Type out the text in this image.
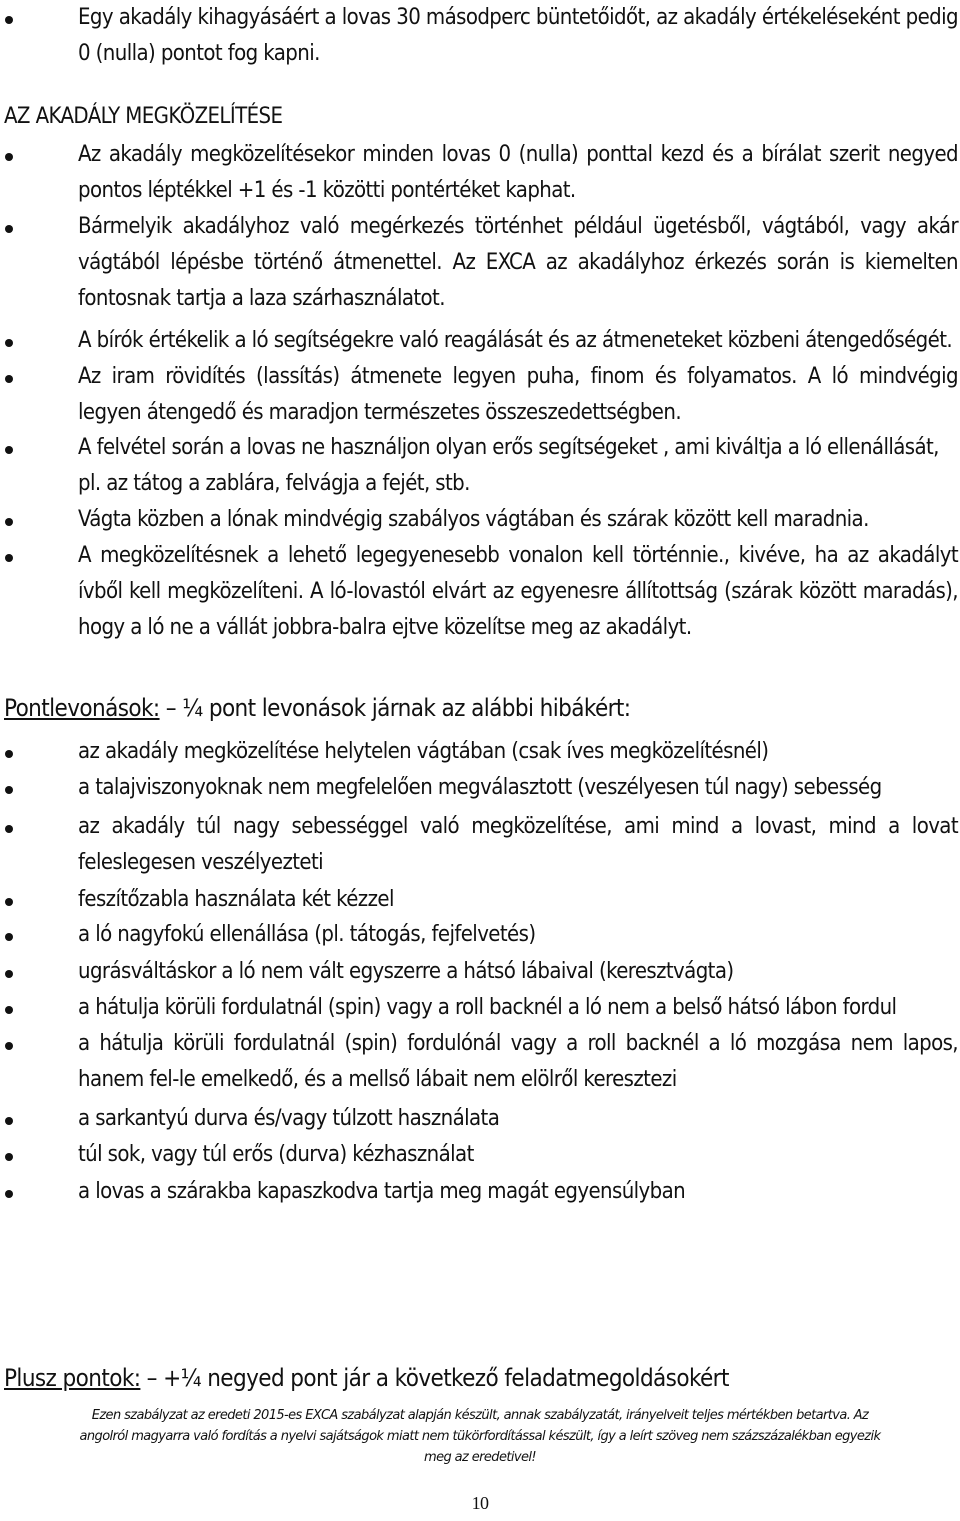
Egy akadály kihagyásáért a lovas 30 másodperc büntetőidőt, az akadály értékeléseként pedig 0 (nulla) pontot fog kapni.
AZ AKADÁLY MEGKÖZELÍTÉSE
Az akadály megközelítésekor minden lovas 0 (nulla) ponttal kezd és a bírálat szerit negyed pontos léptékkel +1 és -1 közötti pontértéket kaphat.
Bármelyik akadályhoz való megérkezés történhet például ügetésből, vágtából, vagy akár vágtából lépésbe történő átmenettel. Az EXCA az akadályhoz érkezés során is kiemelten fontosnak tartja a laza szárhasználatot.
A bírók értékelik a ló segítségekre való reagálását és az átmeneteket közbeni átengedőségét.
Az iram rövidítés (lassítás) átmenete legyen puha, finom és folyamatos. A ló mindvégig legyen átengedő és maradjon természetes összeszedettségben.
A felvétel során a lovas ne használjon olyan erős segítségeket , ami kiváltja a ló ellenállását, pl. az tátog a zablára, felvágja a fejét, stb.
Vágta közben a lónak mindvégig szabályos vágtában és szárak között kell maradnia.
A megközelítésnek a lehető legegyenesebb vonalon kell történnie., kivéve, ha az akadályt ívből kell megközelíteni. A ló-lovastól elvárt az egyenesre állítottság (szárak között maradás), hogy a ló ne a vállát jobbra-balra ejtve közelítse meg az akadályt.
Pontlevonások: – ¼ pont levonások járnak az alábbi hibákért:
az akadály megközelítése helytelen vágtában (csak íves megközelítésnél)
a talajviszonyoknak nem megfelelően megválasztott (veszélyesen túl nagy) sebesség
az akadály túl nagy sebességgel való megközelítése, ami mind a lovast, mind a lovat feleslegesen veszélyezteti
feszítőzabla használata két kézzel
a ló nagyfokú ellenállása (pl. tátogás, fejfelvetés)
ugrásváltáskor a ló nem vált egyszerre a hátsó lábaival (keresztvágta)
a hátulja körüli fordulatnál (spin) vagy a roll backnél a ló nem a belső hátsó lábon fordul
a hátulja körüli fordulatnál (spin) fordulónál vagy a roll backnél a ló mozgása nem lapos, hanem fel-le emelkedő, és a mellső lábait nem elölről keresztezi
a sarkantyú durva és/vagy túlzott használata
túl sok, vagy túl erős (durva) kézhasználat
a lovas a szárakba kapaszkodva tartja meg magát egyensúlyban
Plusz pontok: – +¼ negyed pont jár a következő feladatmegoldásokért
Ezen szabályzat az eredeti 2015-es EXCA szabályzat alapján készült, annak szabályzatát, irányelveit teljes mértékben betartva. Az
angolról magyarra való fordítás a nyelvi sajátságok miatt nem tükörfordítással készült, így a leírt szöveg nem százszázalékban egyezik
meg az eredetivel!
10
